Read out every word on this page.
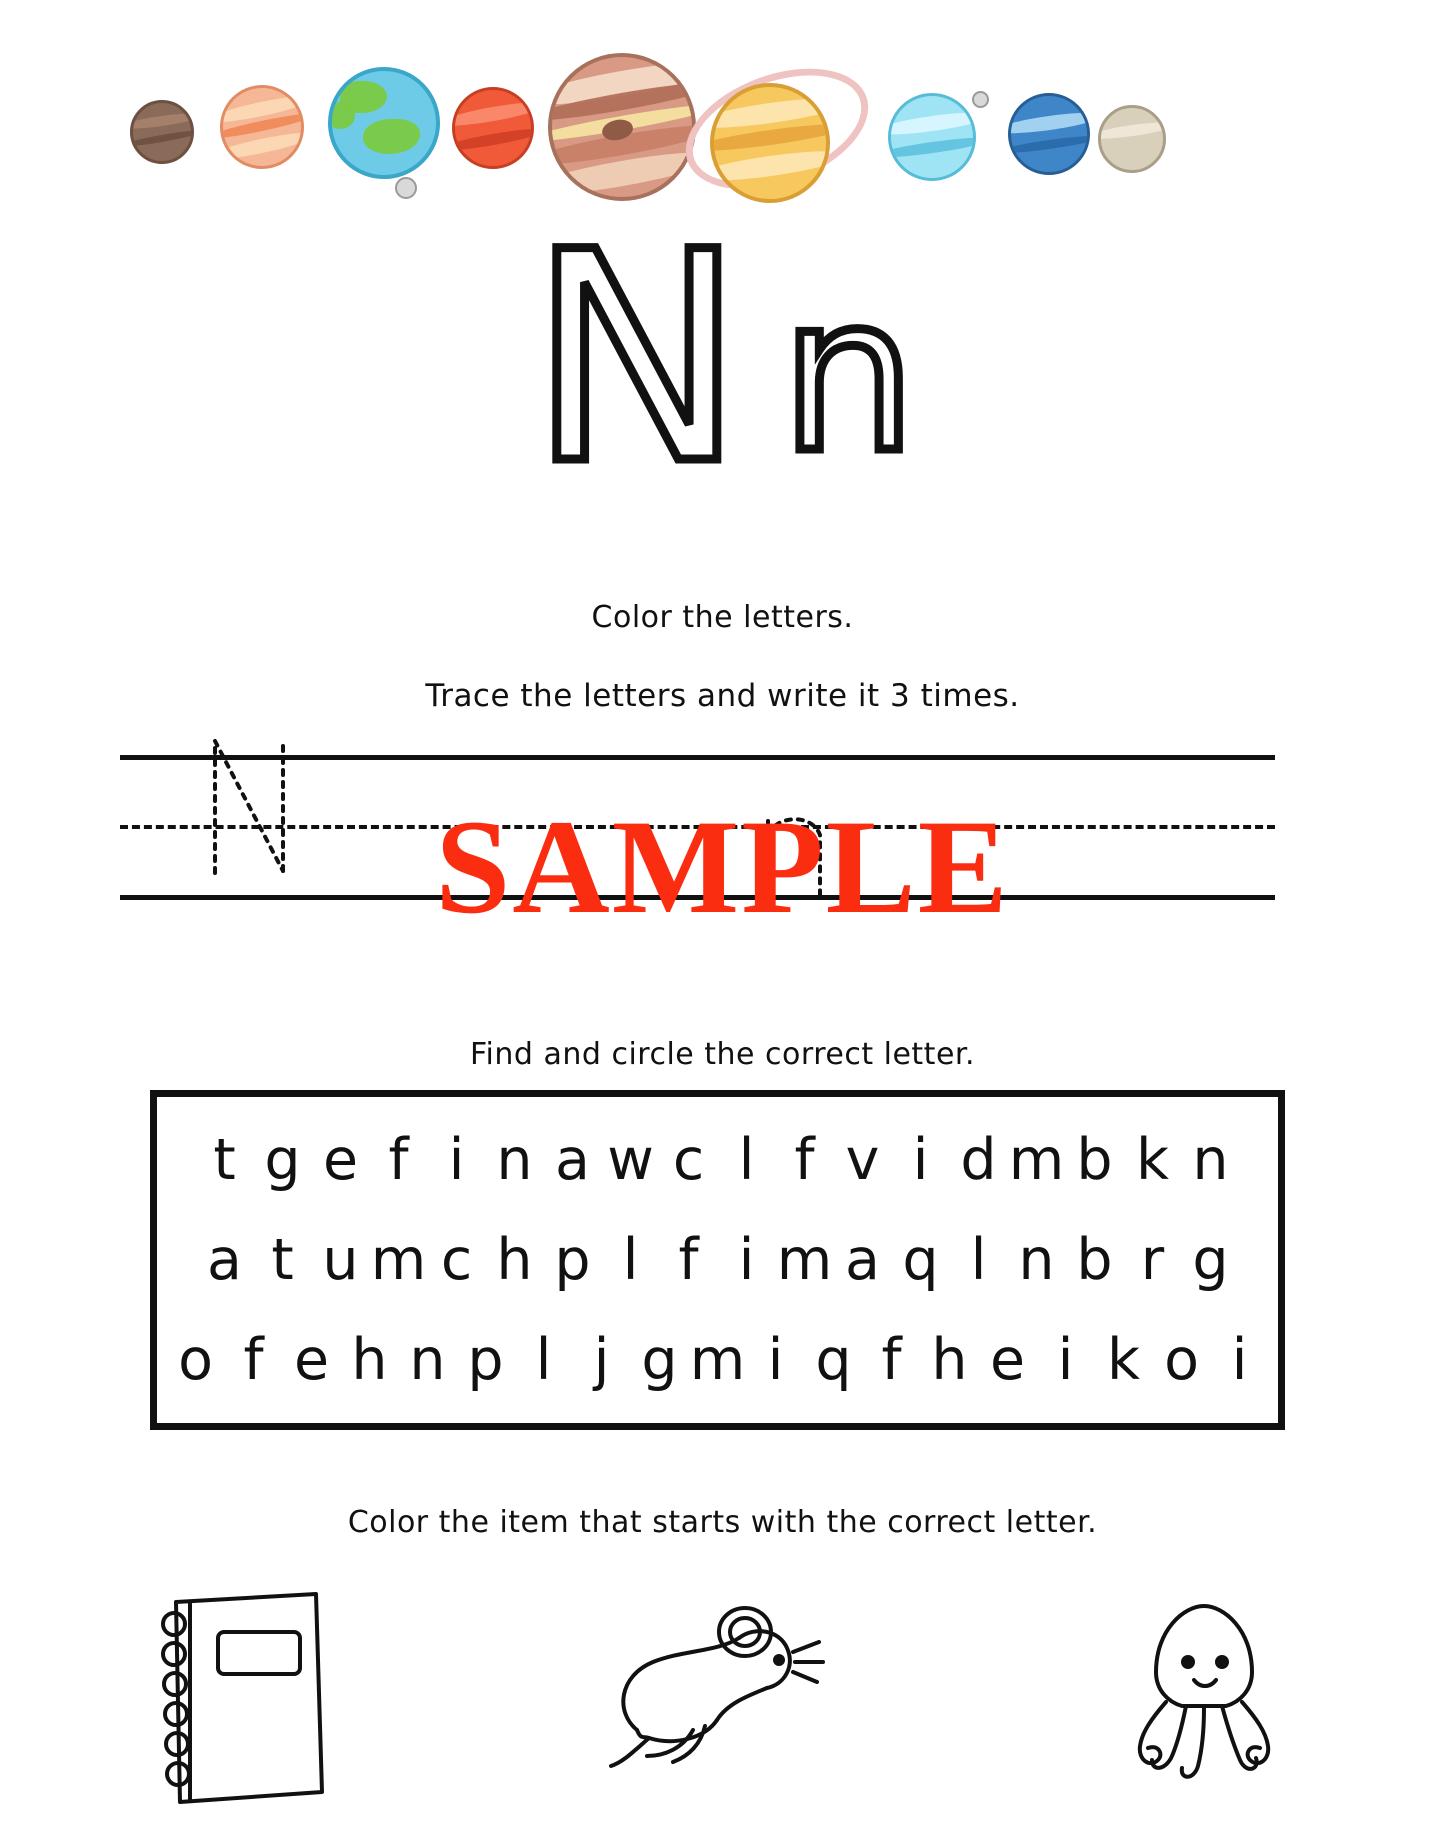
N n
Color the letters.
Trace the letters and write it 3 times.
SAMPLE
Find and circle the correct letter.
t g e f i n a w c l f v i d m b k n
a t u m c h p l f i m a q l n b r g
o f e h n p l j g m i q f h e i k o i
Color the item that starts with the correct letter.
